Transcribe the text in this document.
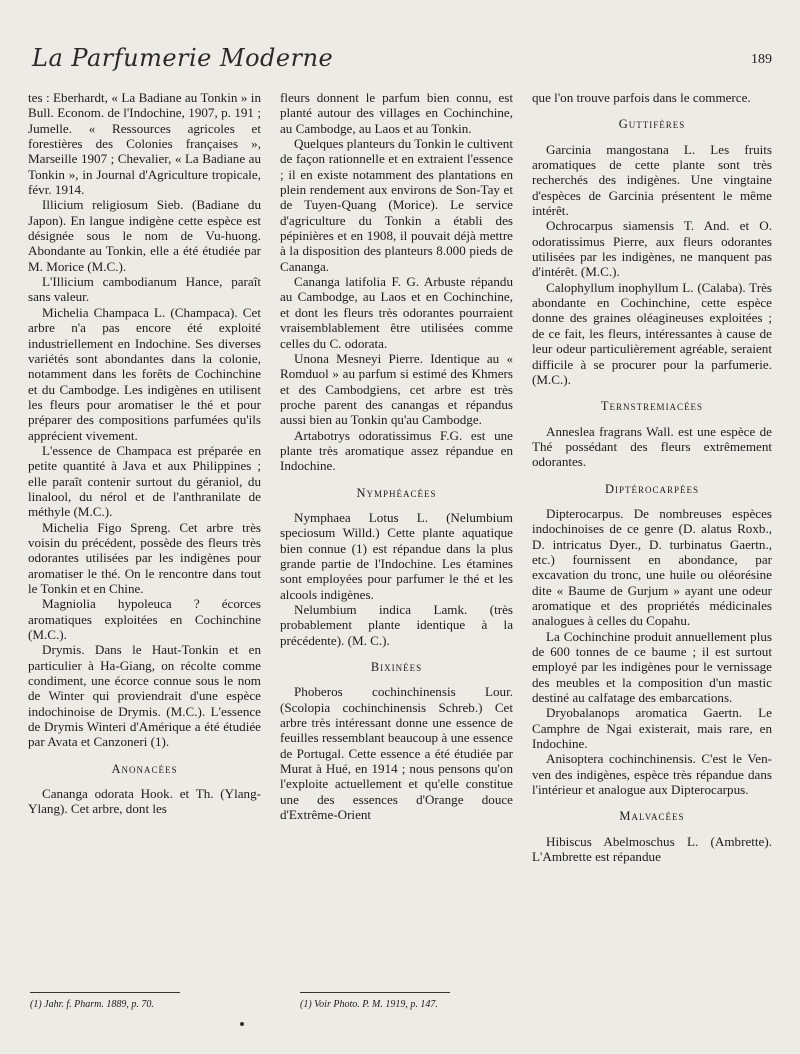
La Parfumerie Moderne	189

tes : Eberhardt, « La Badiane au Tonkin » in Bull. Econom. de l'Indochine, 1907, p. 191 ; Jumelle. « Ressources agricoles et forestières des Colonies françaises », Marseille 1907 ; Chevalier, « La Badiane au Tonkin », in Journal d'Agriculture tropicale, févr. 1914.

Illicium religiosum Sieb. (Badiane du Japon). En langue indigène cette espèce est désignée sous le nom de Vu-huong. Abondante au Tonkin, elle a été étudiée par M. Morice (M.C.).

L'Illicium cambodianum Hance, paraît sans valeur.

Michelia Champaca L. (Champaca). Cet arbre n'a pas encore été exploité industriellement en Indochine. Ses diverses variétés sont abondantes dans la colonie, notamment dans les forêts de Cochinchine et du Cambodge. Les indigènes en utilisent les fleurs pour aromatiser le thé et pour préparer des compositions parfumées qu'ils apprécient vivement.

L'essence de Champaca est préparée en petite quantité à Java et aux Philippines ; elle paraît contenir surtout du géraniol, du linalool, du nérol et de l'anthranilate de méthyle (M.C.).

Michelia Figo Spreng. Cet arbre très voisin du précédent, possède des fleurs très odorantes utilisées par les indigènes pour aromatiser le thé. On le rencontre dans tout le Tonkin et en Chine.

Magniolia hypoleuca ? écorces aromatiques exploitées en Cochinchine (M.C.).

Drymis. Dans le Haut-Tonkin et en particulier à Ha-Giang, on récolte comme condiment, une écorce connue sous le nom de Winter qui proviendrait d'une espèce indochinoise de Drymis. (M.C.). L'essence de Drymis Winteri d'Amérique a été étudiée par Avata et Canzoneri (1).

Anonacées

Cananga odorata Hook. et Th. (Ylang-Ylang). Cet arbre, dont les

fleurs donnent le parfum bien connu, est planté autour des villages en Cochinchine, au Cambodge, au Laos et au Tonkin.

Quelques planteurs du Tonkin le cultivent de façon rationnelle et en extraient l'essence ; il en existe notamment des plantations en plein rendement aux environs de Son-Tay et de Tuyen-Quang (Morice). Le service d'agriculture du Tonkin a établi des pépinières et en 1908, il pouvait déjà mettre à la disposition des planteurs 8.000 pieds de Cananga.

Cananga latifolia F. G. Arbuste répandu au Cambodge, au Laos et en Cochinchine, et dont les fleurs très odorantes pourraient vraisemblablement être utilisées comme celles du C. odorata.

Unona Mesneyi Pierre. Identique au « Romduol » au parfum si estimé des Khmers et des Cambodgiens, cet arbre est très proche parent des canangas et répandus aussi bien au Tonkin qu'au Cambodge.

Artabotrys odoratissimus F.G. est une plante très aromatique assez répandue en Indochine.

Nymphéacées

Nymphaea Lotus L. (Nelumbium speciosum Willd.) Cette plante aquatique bien connue (1) est répandue dans la plus grande partie de l'Indochine. Les étamines sont employées pour parfumer le thé et les alcools indigènes.

Nelumbium indica Lamk. (très probablement plante identique à la précédente). (M. C.).

Bixinées

Phoberos cochinchinensis Lour. (Scolopia cochinchinensis Schreb.) Cet arbre très intéressant donne une essence de feuilles ressemblant beaucoup à une essence de Portugal. Cette essence a été étudiée par Murat à Hué, en 1914 ; nous pensons qu'on l'exploite actuellement et qu'elle constitue une des essences d'Orange douce d'Extrême-Orient

que l'on trouve parfois dans le commerce.

Guttifères

Garcinia mangostana L. Les fruits aromatiques de cette plante sont très recherchés des indigènes. Une vingtaine d'espèces de Garcinia présentent le même intérêt.

Ochrocarpus siamensis T. And. et O. odoratissimus Pierre, aux fleurs odorantes utilisées par les indigènes, ne manquent pas d'intérêt. (M.C.).

Calophyllum inophyllum L. (Calaba). Très abondante en Cochinchine, cette espèce donne des graines oléagineuses exploitées ; de ce fait, les fleurs, intéressantes à cause de leur odeur particulièrement agréable, seraient difficile à se procurer pour la parfumerie. (M.C.).

Ternstremiacées

Anneslea fragrans Wall. est une espèce de Thé possédant des fleurs extrêmement odorantes.

Diptérocarpées

Dipterocarpus. De nombreuses espèces indochinoises de ce genre (D. alatus Roxb., D. intricatus Dyer., D. turbinatus Gaertn., etc.) fournissent en abondance, par excavation du tronc, une huile ou oléorésine dite « Baume de Gurjum » ayant une odeur aromatique et des propriétés médicinales analogues à celles du Copahu.

La Cochinchine produit annuellement plus de 600 tonnes de ce baume ; il est surtout employé par les indigènes pour le vernissage des meubles et la composition d'un mastic destiné au calfatage des embarcations.

Dryobalanops aromatica Gaertn. Le Camphre de Ngai existerait, mais rare, en Indochine.

Anisoptera cochinchinensis. C'est le Ven-ven des indigènes, espèce très répandue dans l'intérieur et analogue aux Dipterocarpus.

Malvacées

Hibiscus Abelmoschus L. (Ambrette). L'Ambrette est répandue

(1) Jahr. f. Pharm. 1889, p. 70.	(1) Voir Photo. P. M. 1919, p. 147.
